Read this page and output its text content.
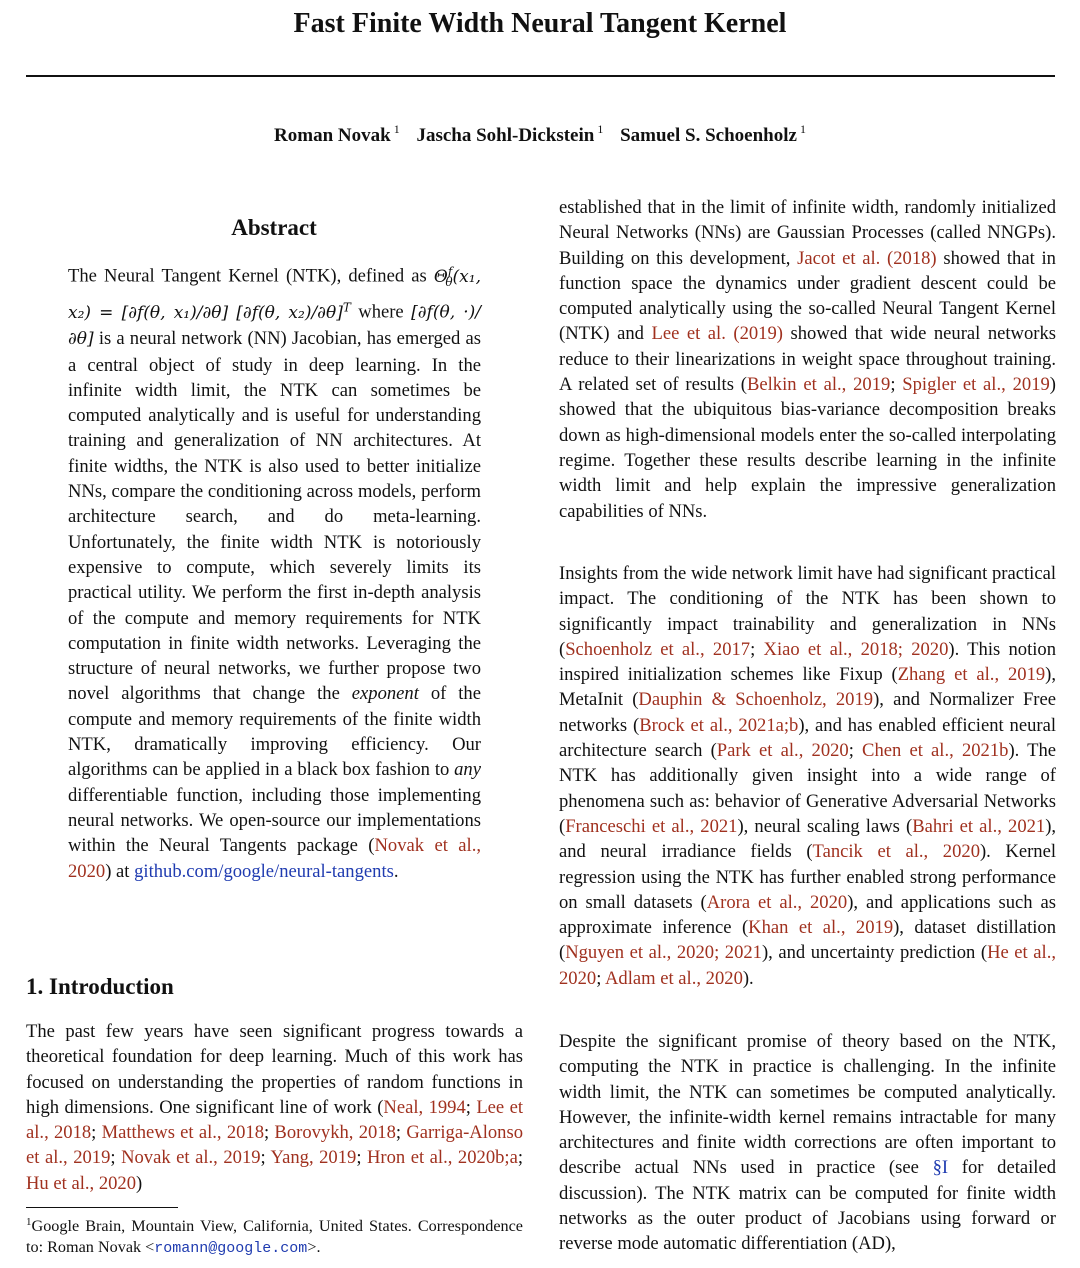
Fast Finite Width Neural Tangent Kernel
Roman Novak $^1$ Jascha Sohl-Dickstein $^1$ Samuel S. Schoenholz $^1$
Abstract

The Neural Tangent Kernel (NTK), defined as $\Theta^f_\theta(x_1$, x₂) = [∂f(θ, x₁)/∂θ] [∂f(θ, x₂)/∂θ]$^T$ where [∂f(θ, ·)/∂θ] is a neural network (NN) Jacobian, has emerged as a central object of study in deep learning. In the infinite width limit, the NTK can sometimes be computed analytically and is useful for understanding training and generalization of NN architectures. At finite widths, the NTK is also used to better initialize NNs, compare the conditioning across models, perform architecture search, and do meta-learning. Unfortunately, the finite width NTK is notoriously expensive to compute, which severely limits its practical utility. We perform the first in-depth analysis of the compute and memory requirements for NTK computation in finite width networks. Leveraging the structure of neural networks, we further propose two novel algorithms that change the exponent of the compute and memory requirements of the finite width NTK, dramatically improving efficiency. Our algorithms can be applied in a black box fashion to any differentiable function, including those implementing neural networks. We open-source our implementations within the Neural Tangents package (Novak et al., 2020) at github.com/google/neural-tangents.

1. Introduction

The past few years have seen significant progress towards a theoretical foundation for deep learning. Much of this work has focused on understanding the properties of random functions in high dimensions. One significant line of work (Neal, 1994; Lee et al., 2018; Matthews et al., 2018; Borovykh, 2018; Garriga-Alonso et al., 2019; Novak et al., 2019; Yang, 2019; Hron et al., 2020b;a; Hu et al., 2020)

$^1$Google Brain, Mountain View, California, United States. Correspondence to: Roman Novak <romann@google.com>.

established that in the limit of infinite width, randomly initialized Neural Networks (NNs) are Gaussian Processes (called NNGPs). Building on this development, Jacot et al. (2018) showed that in function space the dynamics under gradient descent could be computed analytically using the so-called Neural Tangent Kernel (NTK) and Lee et al. (2019) showed that wide neural networks reduce to their linearizations in weight space throughout training. A related set of results (Belkin et al., 2019; Spigler et al., 2019) showed that the ubiquitous bias-variance decomposition breaks down as high-dimensional models enter the so-called interpolating regime. Together these results describe learning in the infinite width limit and help explain the impressive generalization capabilities of NNs.

Insights from the wide network limit have had significant practical impact. The conditioning of the NTK has been shown to significantly impact trainability and generalization in NNs (Schoenholz et al., 2017; Xiao et al., 2018; 2020). This notion inspired initialization schemes like Fixup (Zhang et al., 2019), MetaInit (Dauphin & Schoenholz, 2019), and Normalizer Free networks (Brock et al., 2021a;b), and has enabled efficient neural architecture search (Park et al., 2020; Chen et al., 2021b). The NTK has additionally given insight into a wide range of phenomena such as: behavior of Generative Adversarial Networks (Franceschi et al., 2021), neural scaling laws (Bahri et al., 2021), and neural irradiance fields (Tancik et al., 2020). Kernel regression using the NTK has further enabled strong performance on small datasets (Arora et al., 2020), and applications such as approximate inference (Khan et al., 2019), dataset distillation (Nguyen et al., 2020; 2021), and uncertainty prediction (He et al., 2020; Adlam et al., 2020).

Despite the significant promise of theory based on the NTK, computing the NTK in practice is challenging. In the infinite width limit, the NTK can sometimes be computed analytically. However, the infinite-width kernel remains intractable for many architectures and finite width corrections are often important to describe actual NNs used in practice (see §I for detailed discussion). The NTK matrix can be computed for finite width networks as the outer product of Jacobians using forward or reverse mode automatic differentiation (AD),
